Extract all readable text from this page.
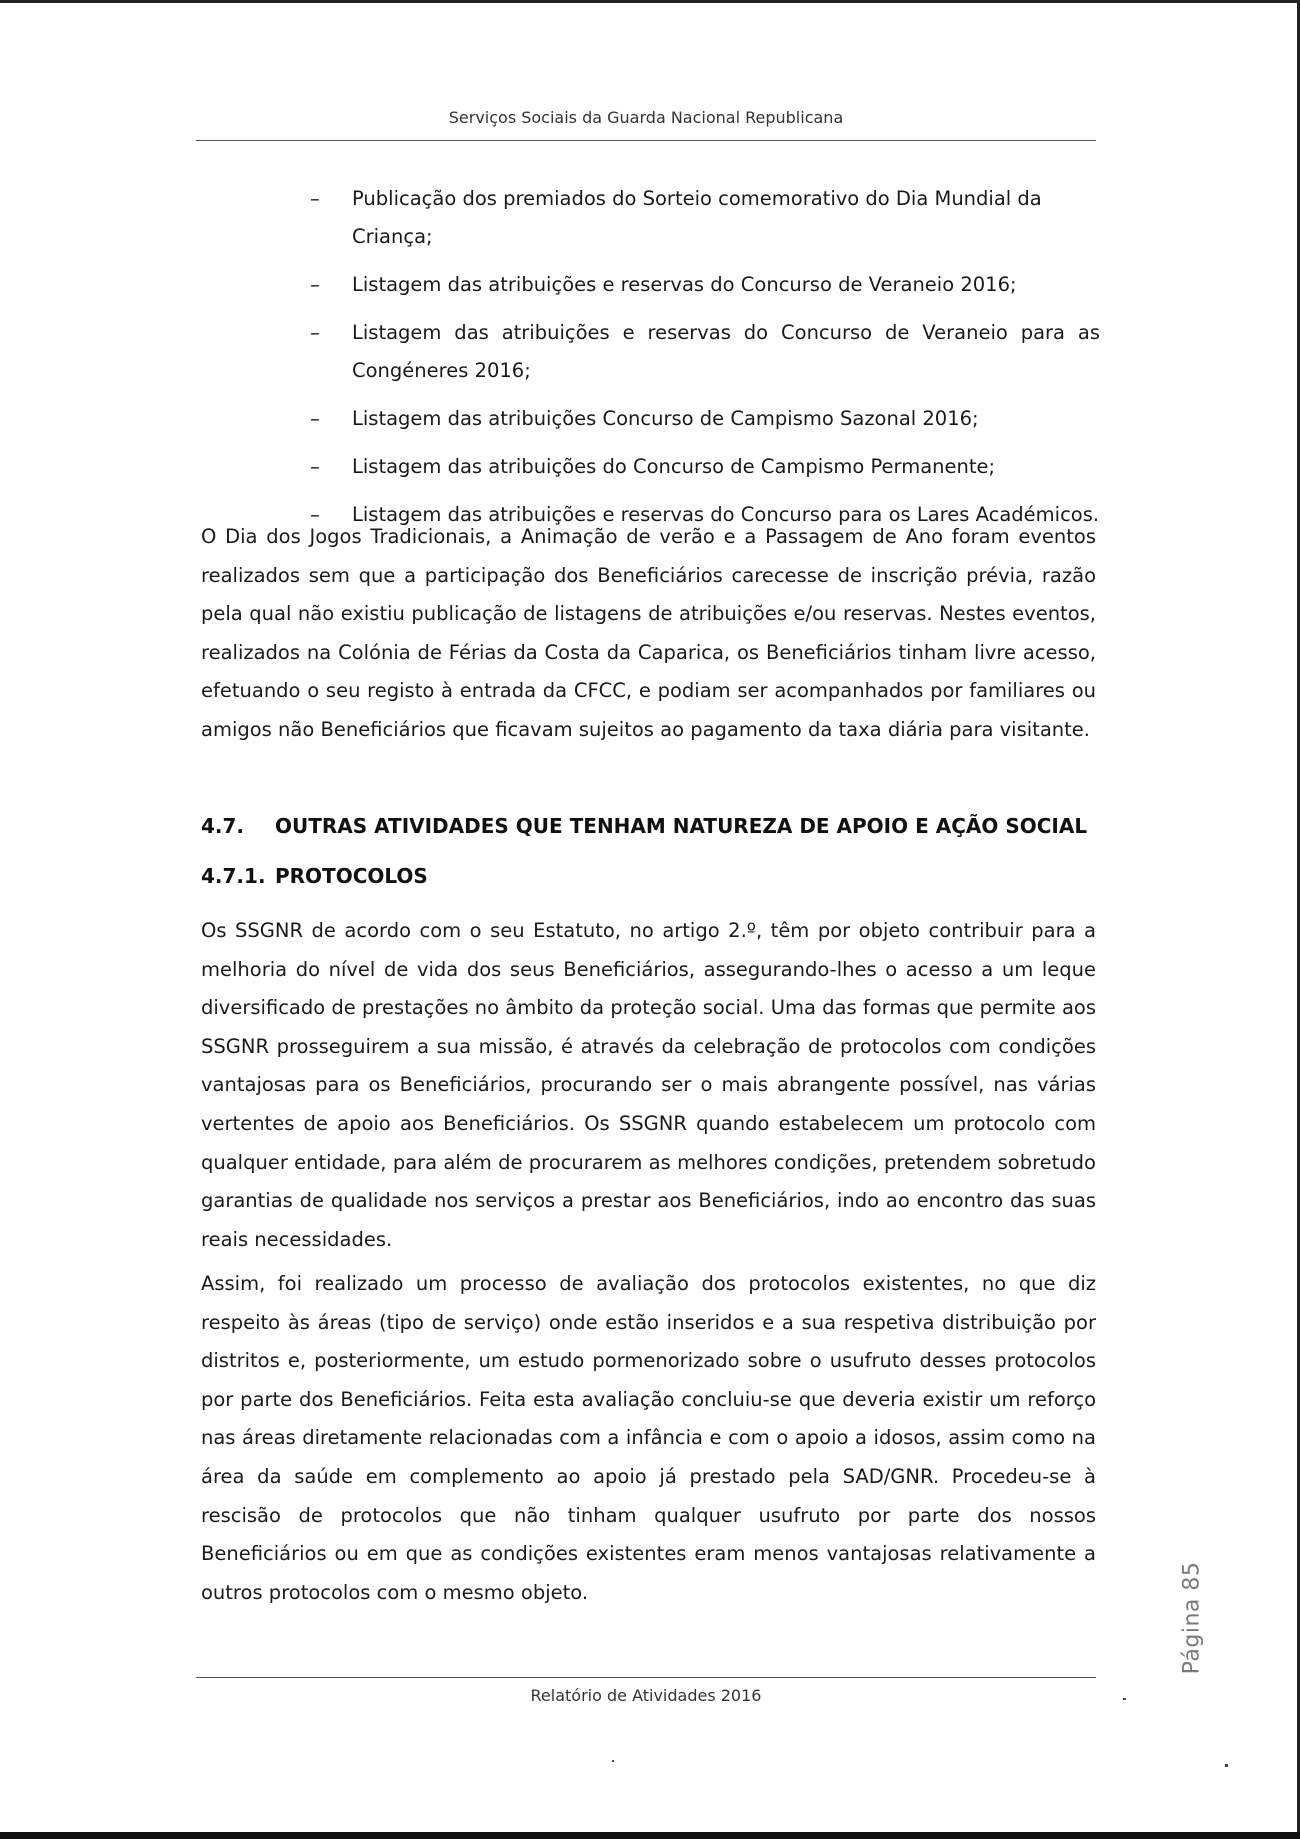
Serviços Sociais da Guarda Nacional Republicana
– Publicação dos premiados do Sorteio comemorativo do Dia Mundial da Criança;
– Listagem das atribuições e reservas do Concurso de Veraneio 2016;
– Listagem das atribuições e reservas do Concurso de Veraneio para as Congéneres 2016;
– Listagem das atribuições Concurso de Campismo Sazonal 2016;
– Listagem das atribuições do Concurso de Campismo Permanente;
– Listagem das atribuições e reservas do Concurso para os Lares Académicos.

O Dia dos Jogos Tradicionais, a Animação de verão e a Passagem de Ano foram eventos realizados sem que a participação dos Beneficiários carecesse de inscrição prévia, razão pela qual não existiu publicação de listagens de atribuições e/ou reservas. Nestes eventos, realizados na Colónia de Férias da Costa da Caparica, os Beneficiários tinham livre acesso, efetuando o seu registo à entrada da CFCC, e podiam ser acompanhados por familiares ou amigos não Beneficiários que ficavam sujeitos ao pagamento da taxa diária para visitante.

4.7. OUTRAS ATIVIDADES QUE TENHAM NATUREZA DE APOIO E AÇÃO SOCIAL
4.7.1. PROTOCOLOS

Os SSGNR de acordo com o seu Estatuto, no artigo 2.º, têm por objeto contribuir para a melhoria do nível de vida dos seus Beneficiários, assegurando-lhes o acesso a um leque diversificado de prestações no âmbito da proteção social. Uma das formas que permite aos SSGNR prosseguirem a sua missão, é através da celebração de protocolos com condições vantajosas para os Beneficiários, procurando ser o mais abrangente possível, nas várias vertentes de apoio aos Beneficiários. Os SSGNR quando estabelecem um protocolo com qualquer entidade, para além de procurarem as melhores condições, pretendem sobretudo garantias de qualidade nos serviços a prestar aos Beneficiários, indo ao encontro das suas reais necessidades.

Assim, foi realizado um processo de avaliação dos protocolos existentes, no que diz respeito às áreas (tipo de serviço) onde estão inseridos e a sua respetiva distribuição por distritos e, posteriormente, um estudo pormenorizado sobre o usufruto desses protocolos por parte dos Beneficiários. Feita esta avaliação concluiu-se que deveria existir um reforço nas áreas diretamente relacionadas com a infância e com o apoio a idosos, assim como na área da saúde em complemento ao apoio já prestado pela SAD/GNR. Procedeu-se à rescisão de protocolos que não tinham qualquer usufruto por parte dos nossos Beneficiários ou em que as condições existentes eram menos vantajosas relativamente a outros protocolos com o mesmo objeto.	Página 85
Relatório de Atividades 2016
